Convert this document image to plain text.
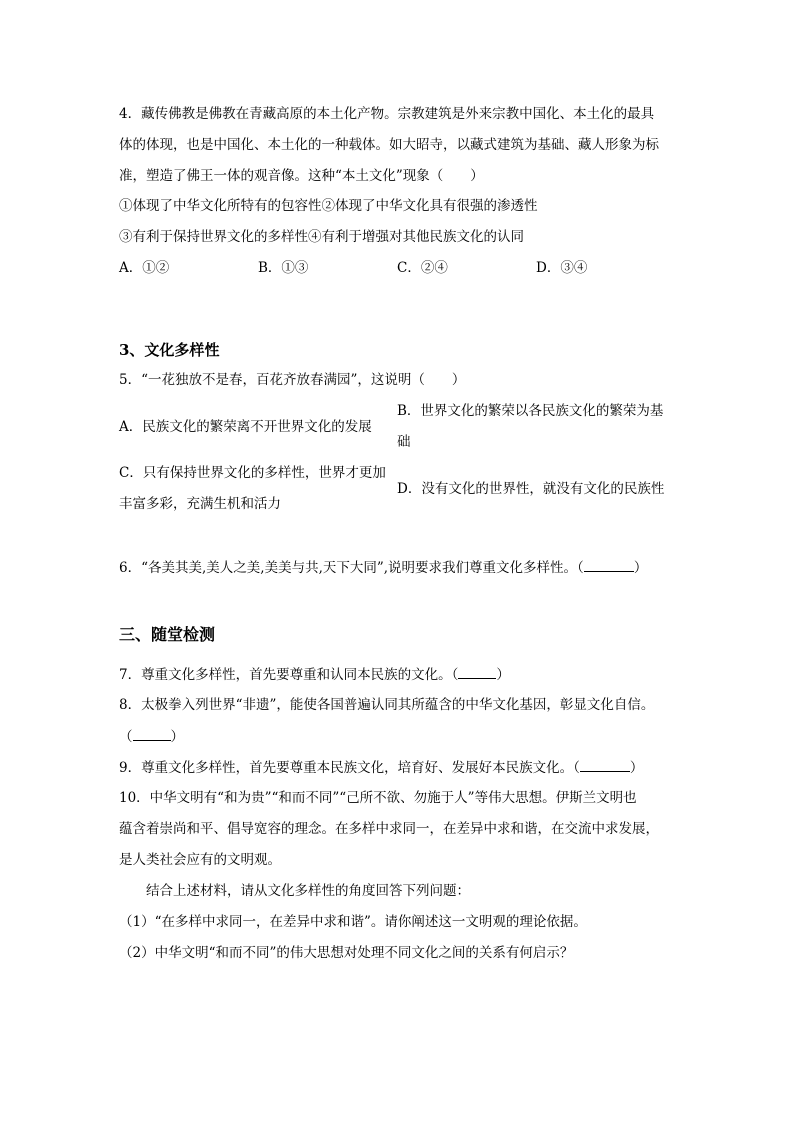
4．藏传佛教是佛教在青藏高原的本土化产物。宗教建筑是外来宗教中国化、本土化的最具
体的体现，也是中国化、本土化的一种载体。如大昭寺，以藏式建筑为基础、藏人形象为标
准，塑造了佛王一体的观音像。这种“本土文化”现象（　　）
①体现了中华文化所特有的包容性②体现了中华文化具有很强的渗透性
③有利于保持世界文化的多样性④有利于增强对其他民族文化的认同
A．①②	B．①③	C．②④	D．③④
3、文化多样性
5．“一花独放不是春，百花齐放春满园”，这说明（　　）
A．民族文化的繁荣离不开世界文化的发展
B．世界文化的繁荣以各民族文化的繁荣为基
础
C．只有保持世界文化的多样性，世界才更加
丰富多彩，充满生机和活力
D．没有文化的世界性，就没有文化的民族性
6．“各美其美,美人之美,美美与共,天下大同”,说明要求我们尊重文化多样性。（	）
三、随堂检测
7．尊重文化多样性，首先要尊重和认同本民族的文化。（	）
8．太极拳入列世界“非遗”，能使各国普遍认同其所蕴含的中华文化基因，彰显文化自信。
（	）
9．尊重文化多样性，首先要尊重本民族文化，培育好、发展好本民族文化。（	）
10．中华文明有“和为贵”“和而不同”“己所不欲、勿施于人”等伟大思想。伊斯兰文明也
蕴含着崇尚和平、倡导宽容的理念。在多样中求同一，在差异中求和谐，在交流中求发展，
是人类社会应有的文明观。
结合上述材料，请从文化多样性的角度回答下列问题：
（1）“在多样中求同一，在差异中求和谐”。请你阐述这一文明观的理论依据。
（2）中华文明“和而不同”的伟大思想对处理不同文化之间的关系有何启示？
